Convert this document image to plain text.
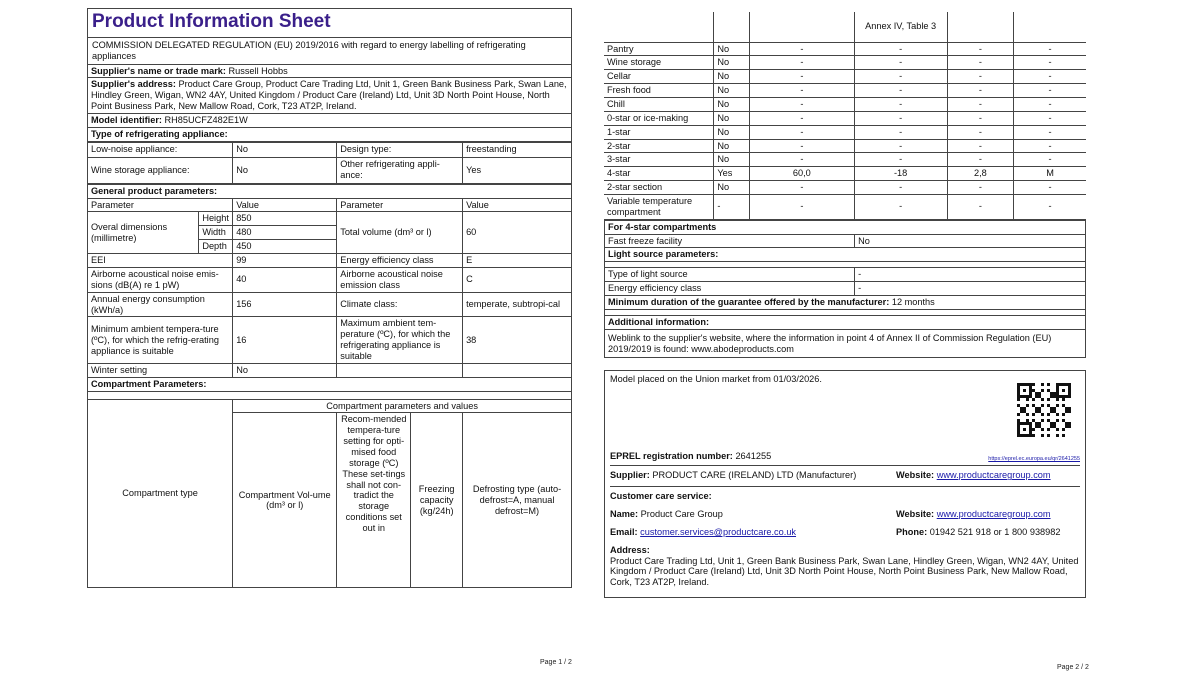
Product Information Sheet
COMMISSION DELEGATED REGULATION (EU) 2019/2016 with regard to energy labelling of refrigerating appliances
Supplier's name or trade mark: Russell Hobbs
Supplier's address: Product Care Group, Product Care Trading Ltd, Unit 1, Green Bank Business Park, Swan Lane, Hindley Green, Wigan, WN2 4AY, United Kingdom / Product Care (Ireland) Ltd, Unit 3D North Point House, North Point Business Park, New Mallow Road, Cork, T23 AT2P, Ireland.
Model identifier: RH85UCFZ482E1W
Type of refrigerating appliance:
Low-noise appliance:	No	Design type:	freestanding
Wine storage appliance:	No	Other refrigerating appli-ance:	Yes
General product parameters:				
Parameter		Value	Parameter	Value
Overal dimensions (millimetre)	Height	850	Total volume (dm³ or l)	60
	Width	480		
	Depth	450		
EEI		99	Energy efficiency class	E
Airborne acoustical noise emis-sions (dB(A) re 1 pW)		40	Airborne acoustical noise emission class	C
Annual energy consumption (kWh/a)		156	Climate class:	temperate, subtropi-cal
Minimum ambient tempera-ture (ºC), for which the refrig-erating appliance is suitable		16	Maximum ambient tem-perature (ºC), for which the refrigerating appliance is suitable	38
Winter setting		No		
Compartment Parameters:				
Compartment type	Compartment parameters and values			
	Compartment Vol-ume (dm³ or l)	Recom-mended tempera-ture setting for opti-mised food storage (ºC) These set-tings shall not con-tradict the storage conditions set out in	Freezing capacity (kg/24h)	Defrosting type (auto-defrost=A, manual defrost=M)
Page 1 / 2
			Annex IV, Table 3		
Pantry	No	-	-	-	-
Wine storage	No	-	-	-	-
Cellar	No	-	-	-	-
Fresh food	No	-	-	-	-
Chill	No	-	-	-	-
0-star or ice-making	No	-	-	-	-
1-star	No	-	-	-	-
2-star	No	-	-	-	-
3-star	No	-	-	-	-
4-star	Yes	60,0	-18	2,8	M
2-star section	No	-	-	-	-
Variable temperature compartment	-	-	-	-	-
For 4-star compartments
Fast freeze facility	No
Light source parameters:
Type of light source	-
Energy efficiency class	-
Minimum duration of the guarantee offered by the manufacturer: 12 months	
Additional information:
Weblink to the supplier's website, where the information in point 4 of Annex II of Commission Regulation (EU) 2019/2019 is found: www.abodeproducts.com
Model placed on the Union market from 01/03/2026.
EPREL registration number: 2641255	https://eprel.ec.europa.eu/qr/2641255
Supplier: PRODUCT CARE (IRELAND) LTD (Manufacturer)	Website: www.productcaregroup.com
Customer care service:
Name: Product Care Group	Website: www.productcaregroup.com
Email: customer.services@productcare.co.uk	Phone: 01942 521 918 or 1 800 938982
Address:
Product Care Trading Ltd, Unit 1, Green Bank Business Park, Swan Lane, Hindley Green, Wigan, WN2 4AY, United Kingdom / Product Care (Ireland) Ltd, Unit 3D North Point House, North Point Business Park, New Mallow Road, Cork, T23 AT2P, Ireland.
Page 2 / 2
